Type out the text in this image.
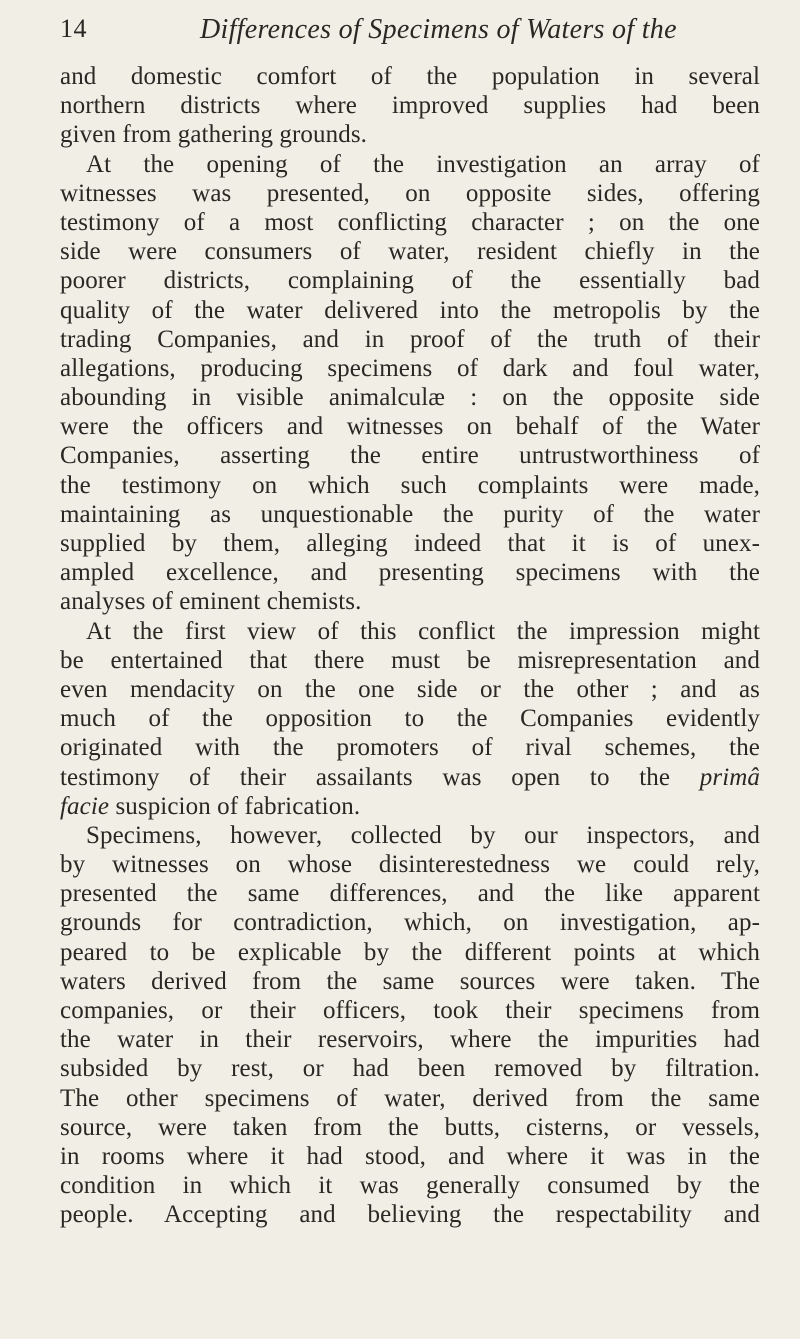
14	Differences of Specimens of Waters of the
and domestic comfort of the population in several
northern districts where improved supplies had been
given from gathering grounds.
At the opening of the investigation an array of
witnesses was presented, on opposite sides, offering
testimony of a most conflicting character ; on the one
side were consumers of water, resident chiefly in the
poorer districts, complaining of the essentially bad
quality of the water delivered into the metropolis by the
trading Companies, and in proof of the truth of their
allegations, producing specimens of dark and foul water,
abounding in visible animalculæ : on the opposite side
were the officers and witnesses on behalf of the Water
Companies, asserting the entire untrustworthiness of
the testimony on which such complaints were made,
maintaining as unquestionable the purity of the water
supplied by them, alleging indeed that it is of unex-
ampled excellence, and presenting specimens with the
analyses of eminent chemists.
At the first view of this conflict the impression might
be entertained that there must be misrepresentation and
even mendacity on the one side or the other ; and as
much of the opposition to the Companies evidently
originated with the promoters of rival schemes, the
testimony of their assailants was open to the primâ
facie suspicion of fabrication.
Specimens, however, collected by our inspectors, and
by witnesses on whose disinterestedness we could rely,
presented the same differences, and the like apparent
grounds for contradiction, which, on investigation, ap-
peared to be explicable by the different points at which
waters derived from the same sources were taken. The
companies, or their officers, took their specimens from
the water in their reservoirs, where the impurities had
subsided by rest, or had been removed by filtration.
The other specimens of water, derived from the same
source, were taken from the butts, cisterns, or vessels,
in rooms where it had stood, and where it was in the
condition in which it was generally consumed by the
people. Accepting and believing the respectability and
